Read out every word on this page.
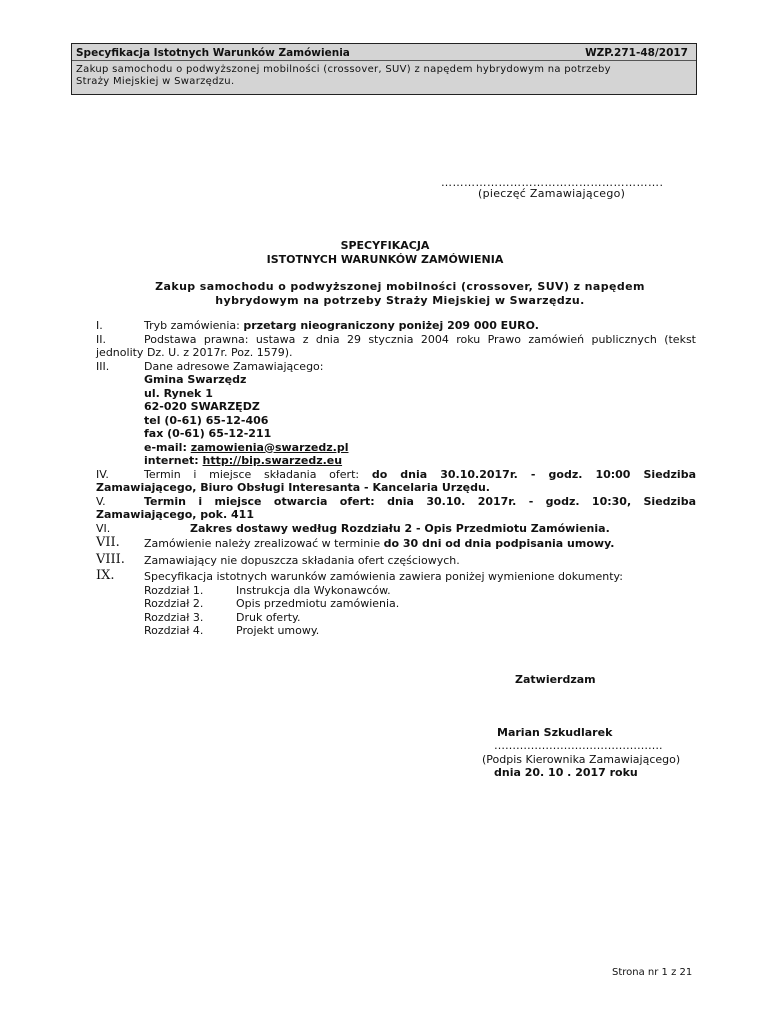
Specyfikacja Istotnych Warunków Zamówienia	WZP.271-48/2017
Zakup samochodu o podwyższonej mobilności (crossover, SUV) z napędem hybrydowym na potrzeby
Straży Miejskiej w Swarzędzu.
………………………………………………….
(pieczęć Zamawiającego)
SPECYFIKACJA
ISTOTNYCH WARUNKÓW ZAMÓWIENIA
Zakup samochodu o podwyższonej mobilności (crossover, SUV) z napędem
hybrydowym na potrzeby Straży Miejskiej w Swarzędzu.
I.	Tryb zamówienia: przetarg nieograniczony poniżej 209 000 EURO.
II.	Podstawa prawna: ustawa z dnia 29 stycznia 2004 roku Prawo zamówień publicznych (tekst
jednolity Dz. U. z 2017r. Poz. 1579).
III.	Dane adresowe Zamawiającego:
Gmina Swarzędz
ul. Rynek 1
62-020 SWARZĘDZ
tel (0-61) 65-12-406
fax (0-61) 65-12-211
e-mail: zamowienia@swarzedz.pl
internet: http://bip.swarzedz.eu
IV.	Termin i miejsce składania ofert: do dnia 30.10.2017r. - godz. 10:00 Siedziba
Zamawiającego, Biuro Obsługi Interesanta - Kancelaria Urzędu.
V.	Termin i miejsce otwarcia ofert: dnia 30.10. 2017r. - godz. 10:30, Siedziba
Zamawiającego, pok. 411
VI.	Zakres dostawy według Rozdziału 2 - Opis Przedmiotu Zamówienia.
VII. Zamówienie należy zrealizować w terminie do 30 dni od dnia podpisania umowy.
VIII. Zamawiający nie dopuszcza składania ofert częściowych.
IX.	Specyfikacja istotnych warunków zamówienia zawiera poniżej wymienione dokumenty:
Rozdział 1.	Instrukcja dla Wykonawców.
Rozdział 2.	Opis przedmiotu zamówienia.
Rozdział 3.	Druk oferty.
Rozdział 4.	Projekt umowy.
Zatwierdzam
Marian Szkudlarek
……………………………………….
(Podpis Kierownika Zamawiającego)
dnia 20. 10 . 2017 roku
Strona nr 1 z 21
